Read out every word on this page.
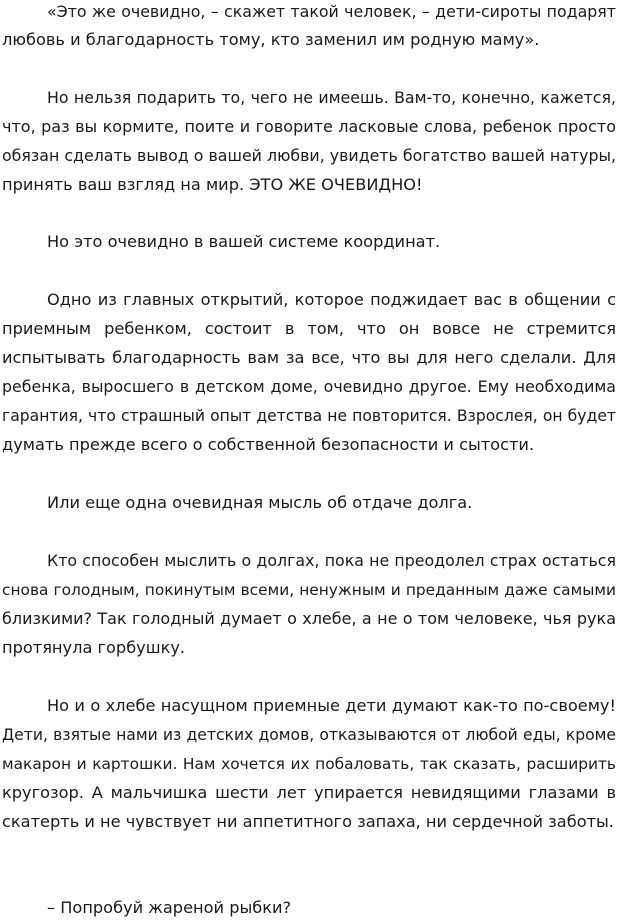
«Это же очевидно, – скажет такой человек, – дети-сироты подарят

любовь и благодарность тому, кто заменил им родную маму».

Но нельзя подарить то, чего не имеешь. Вам-то, конечно, кажется,

что, раз вы кормите, поите и говорите ласковые слова, ребенок просто

обязан сделать вывод о вашей любви, увидеть богатство вашей натуры,

принять ваш взгляд на мир. ЭТО ЖЕ ОЧЕВИДНО!

Но это очевидно в вашей системе координат.

Одно из главных открытий, которое поджидает вас в общении с

приемным ребенком, состоит в том, что он вовсе не стремится

испытывать благодарность вам за все, что вы для него сделали. Для

ребенка, выросшего в детском доме, очевидно другое. Ему необходима

гарантия, что страшный опыт детства не повторится. Взрослея, он будет

думать прежде всего о собственной безопасности и сытости.

Или еще одна очевидная мысль об отдаче долга.

Кто способен мыслить о долгах, пока не преодолел страх остаться

снова голодным, покинутым всеми, ненужным и преданным даже самыми

близкими? Так голодный думает о хлебе, а не о том человеке, чья рука

протянула горбушку.

Но и о хлебе насущном приемные дети думают как-то по-своему!

Дети, взятые нами из детских домов, отказываются от любой еды, кроме

макарон и картошки. Нам хочется их побаловать, так сказать, расширить

кругозор. А мальчишка шести лет упирается невидящими глазами в

скатерть и не чувствует ни аппетитного запаха, ни сердечной заботы.

– Попробуй жареной рыбки?
